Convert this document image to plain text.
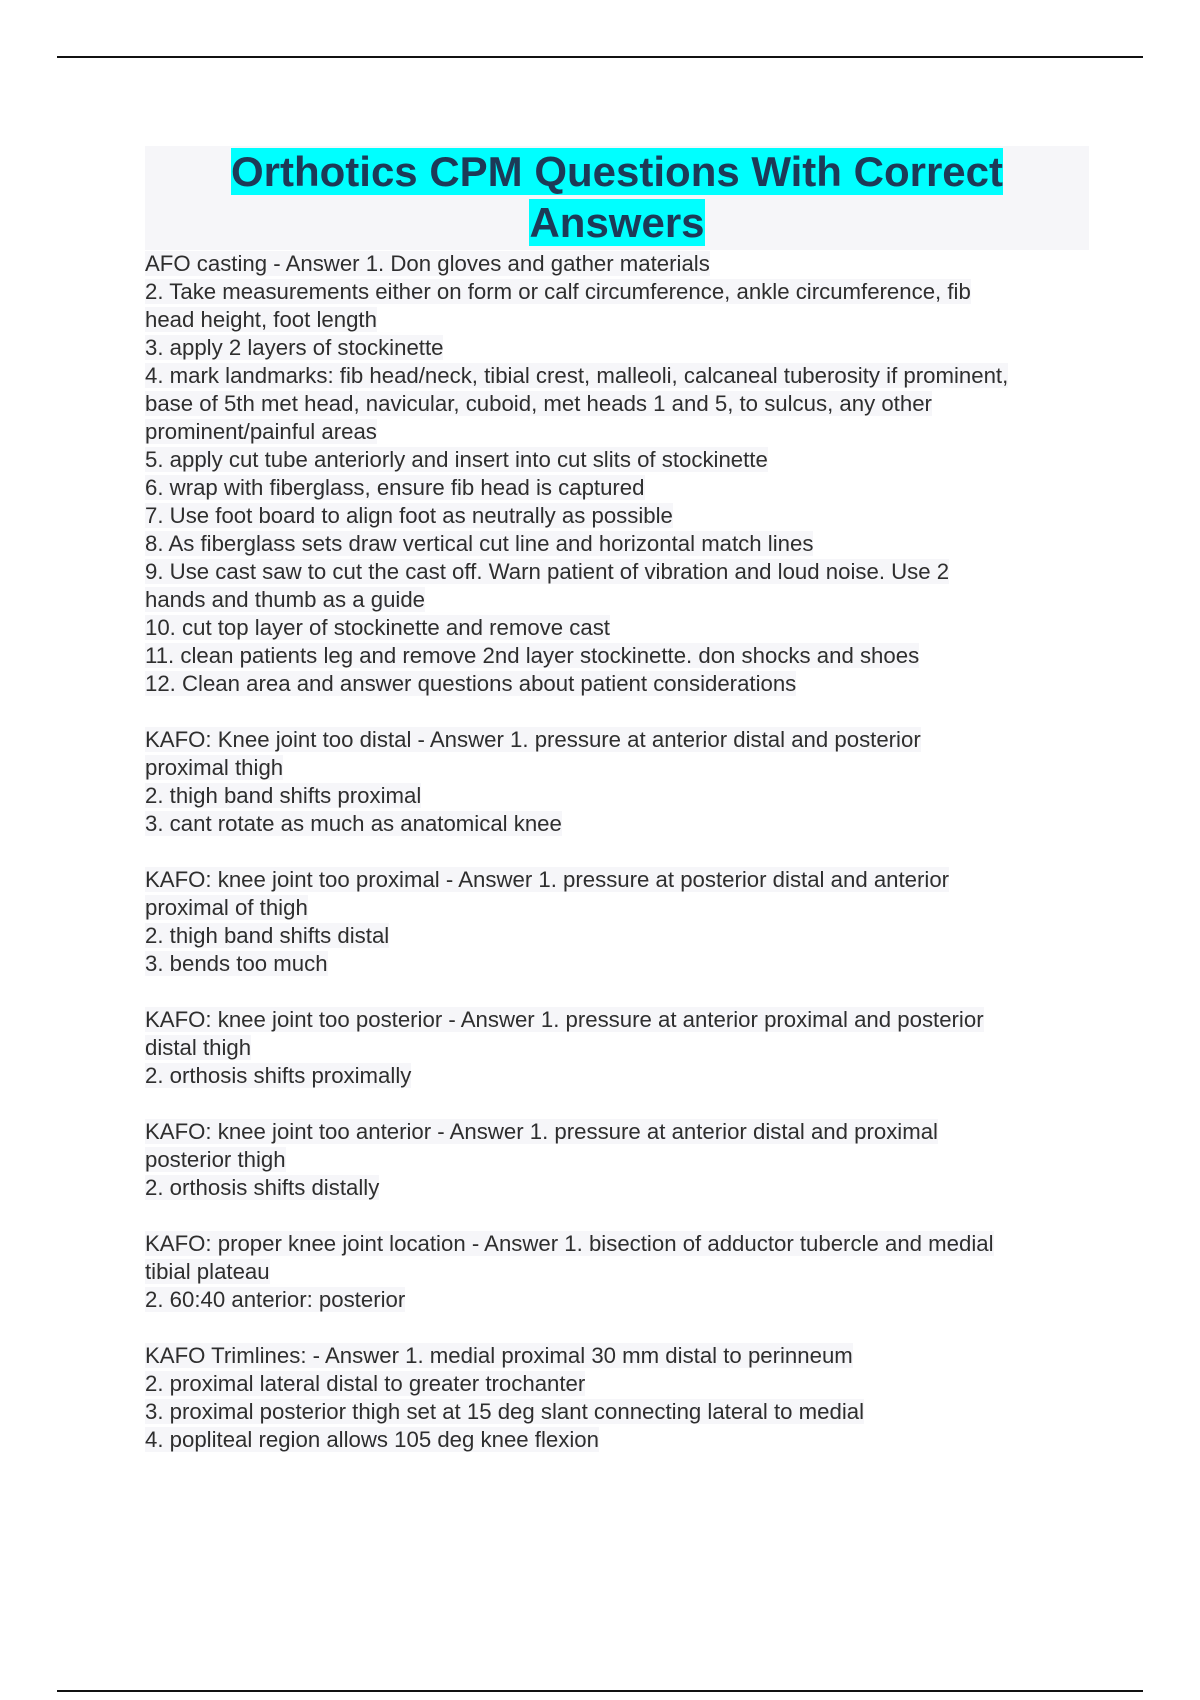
Orthotics CPM Questions With Correct
Answers
AFO casting - Answer 1. Don gloves and gather materials
2. Take measurements either on form or calf circumference, ankle circumference, fib
head height, foot length
3. apply 2 layers of stockinette
4. mark landmarks: fib head/neck, tibial crest, malleoli, calcaneal tuberosity if prominent,
base of 5th met head, navicular, cuboid, met heads 1 and 5, to sulcus, any other
prominent/painful areas
5. apply cut tube anteriorly and insert into cut slits of stockinette
6. wrap with fiberglass, ensure fib head is captured
7. Use foot board to align foot as neutrally as possible
8. As fiberglass sets draw vertical cut line and horizontal match lines
9. Use cast saw to cut the cast off. Warn patient of vibration and loud noise. Use 2
hands and thumb as a guide
10. cut top layer of stockinette and remove cast
11. clean patients leg and remove 2nd layer stockinette. don shocks and shoes
12. Clean area and answer questions about patient considerations
KAFO: Knee joint too distal - Answer 1. pressure at anterior distal and posterior
proximal thigh
2. thigh band shifts proximal
3. cant rotate as much as anatomical knee
KAFO: knee joint too proximal - Answer 1. pressure at posterior distal and anterior
proximal of thigh
2. thigh band shifts distal
3. bends too much
KAFO: knee joint too posterior - Answer 1. pressure at anterior proximal and posterior
distal thigh
2. orthosis shifts proximally
KAFO: knee joint too anterior - Answer 1. pressure at anterior distal and proximal
posterior thigh
2. orthosis shifts distally
KAFO: proper knee joint location - Answer 1. bisection of adductor tubercle and medial
tibial plateau
2. 60:40 anterior: posterior
KAFO Trimlines: - Answer 1. medial proximal 30 mm distal to perinneum
2. proximal lateral distal to greater trochanter
3. proximal posterior thigh set at 15 deg slant connecting lateral to medial
4. popliteal region allows 105 deg knee flexion
